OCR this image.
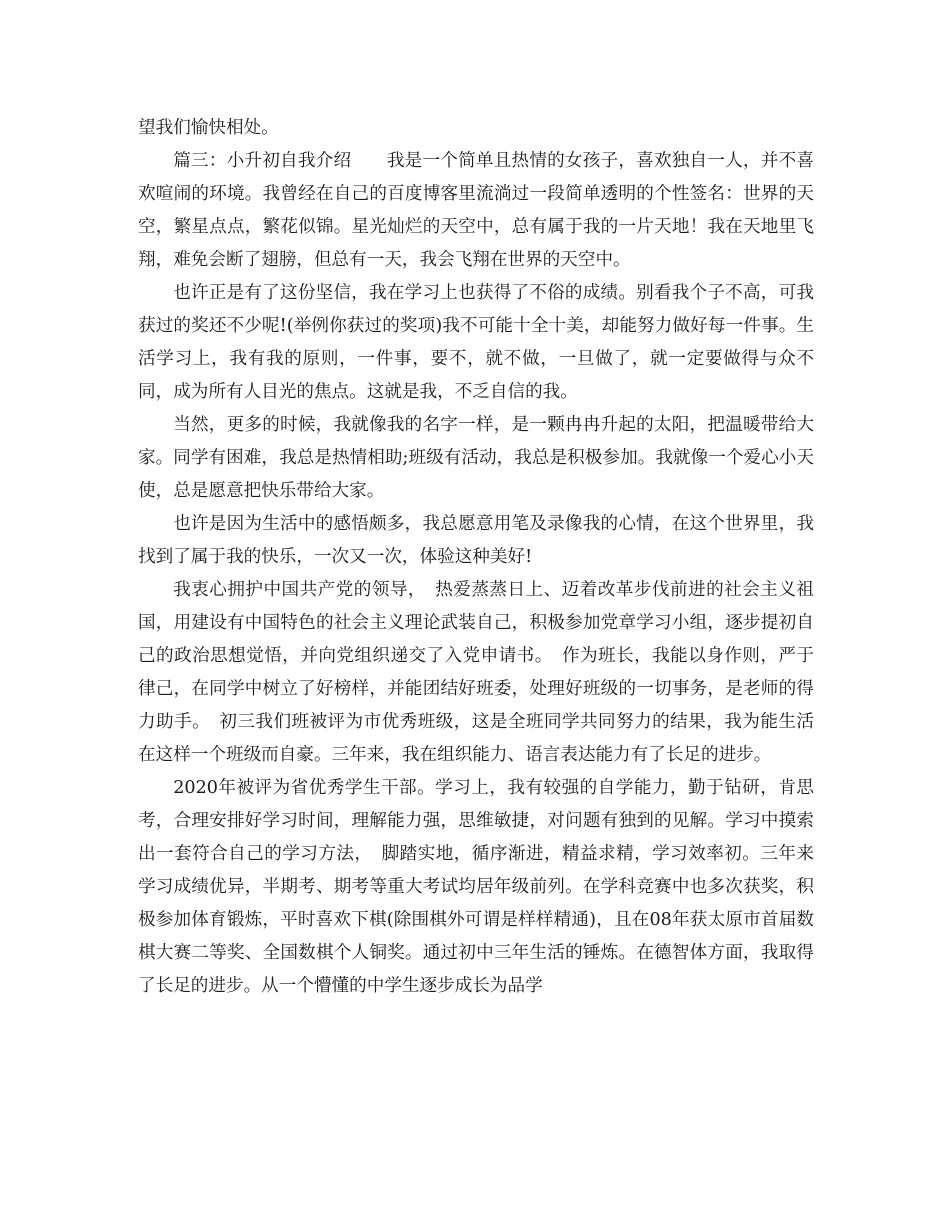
望我们愉快相处。

篇三：小升初自我介绍　　我是一个简单且热情的女孩子，喜欢独自一人，并不喜欢喧闹的环境。我曾经在自己的百度博客里流淌过一段简单透明的个性签名：世界的天空，繁星点点，繁花似锦。星光灿烂的天空中，总有属于我的一片天地！我在天地里飞翔，难免会断了翅膀，但总有一天，我会飞翔在世界的天空中。

也许正是有了这份坚信，我在学习上也获得了不俗的成绩。别看我个子不高，可我获过的奖还不少呢!(举例你获过的奖项)我不可能十全十美，却能努力做好每一件事。生活学习上，我有我的原则，一件事，要不，就不做，一旦做了，就一定要做得与众不同，成为所有人目光的焦点。这就是我，不乏自信的我。

当然，更多的时候，我就像我的名字一样，是一颗冉冉升起的太阳，把温暖带给大家。同学有困难，我总是热情相助;班级有活动，我总是积极参加。我就像一个爱心小天使，总是愿意把快乐带给大家。

也许是因为生活中的感悟颇多，我总愿意用笔及录像我的心情，在这个世界里，我找到了属于我的快乐，一次又一次，体验这种美好!

我衷心拥护中国共产党的领导，　热爱蒸蒸日上、迈着改革步伐前进的社会主义祖国，用建设有中国特色的社会主义理论武装自己，积极参加党章学习小组，逐步提初自己的政治思想觉悟，并向党组织递交了入党申请书。　作为班长，我能以身作则，严于律己，在同学中树立了好榜样，并能团结好班委，处理好班级的一切事务，是老师的得力助手。　初三我们班被评为市优秀班级，这是全班同学共同努力的结果，我为能生活在这样一个班级而自豪。三年来，我在组织能力、语言表达能力有了长足的进步。

2020年被评为省优秀学生干部。学习上，我有较强的自学能力，勤于钻研，肯思考，合理安排好学习时间，理解能力强，思维敏捷，对问题有独到的见解。学习中摸索出一套符合自己的学习方法，　脚踏实地，循序渐进，精益求精，学习效率初。三年来学习成绩优异，半期考、期考等重大考试均居年级前列。在学科竞赛中也多次获奖，积极参加体育锻炼，平时喜欢下棋(除围棋外可谓是样样精通)，且在08年获太原市首届数棋大赛二等奖、全国数棋个人铜奖。通过初中三年生活的锤炼。在德智体方面，我取得了长足的进步。从一个懵懂的中学生逐步成长为品学
